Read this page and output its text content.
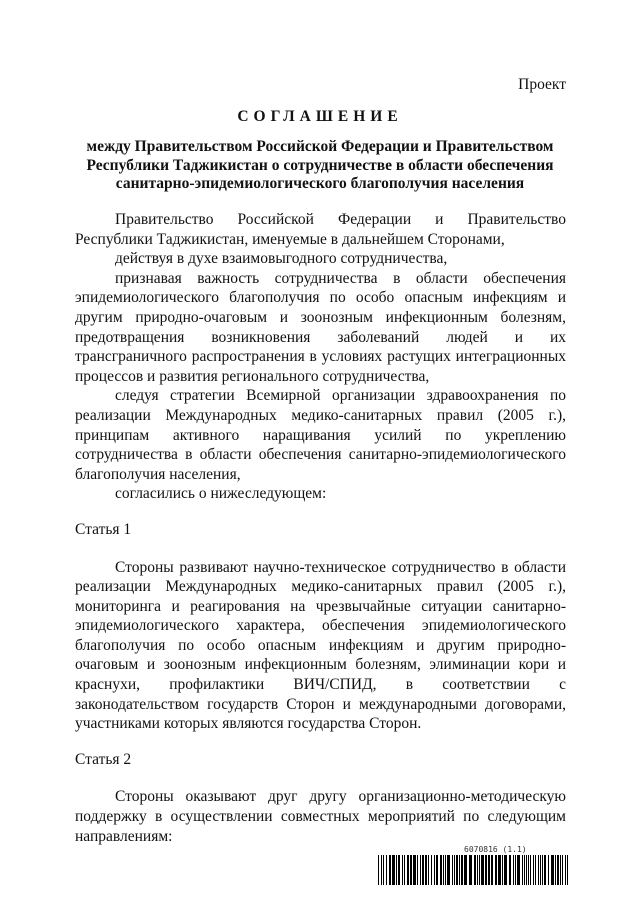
Проект
СОГЛАШЕНИЕ
между Правительством Российской Федерации и Правительством
Республики Таджикистан о сотрудничестве в области обеспечения
санитарно-эпидемиологического благополучия населения

Правительство Российской Федерации и Правительство Республики Таджикистан, именуемые в дальнейшем Сторонами,

действуя в духе взаимовыгодного сотрудничества,

признавая важность сотрудничества в области обеспечения эпидемиологического благополучия по особо опасным инфекциям и другим природно-очаговым и зоонозным инфекционным болезням, предотвращения возникновения заболеваний людей и их трансграничного распространения в условиях растущих интеграционных процессов и развития регионального сотрудничества,

следуя стратегии Всемирной организации здравоохранения по реализации Международных медико-санитарных правил (2005 г.), принципам активного наращивания усилий по укреплению сотрудничества в области обеспечения санитарно-эпидемиологического благополучия населения,

согласились о нижеследующем:

Статья 1

Стороны развивают научно-техническое сотрудничество в области реализации Международных медико-санитарных правил (2005 г.), мониторинга и реагирования на чрезвычайные ситуации санитарно-эпидемиологического характера, обеспечения эпидемиологического благополучия по особо опасным инфекциям и другим природно-очаговым и зоонозным инфекционным болезням, элиминации кори и краснухи, профилактики ВИЧ/СПИД, в соответствии с законодательством государств Сторон и международными договорами, участниками которых являются государства Сторон.

Статья 2

Стороны оказывают друг другу организационно-методическую поддержку в осуществлении совместных мероприятий по следующим направлениям:

6070816 (1.1)
